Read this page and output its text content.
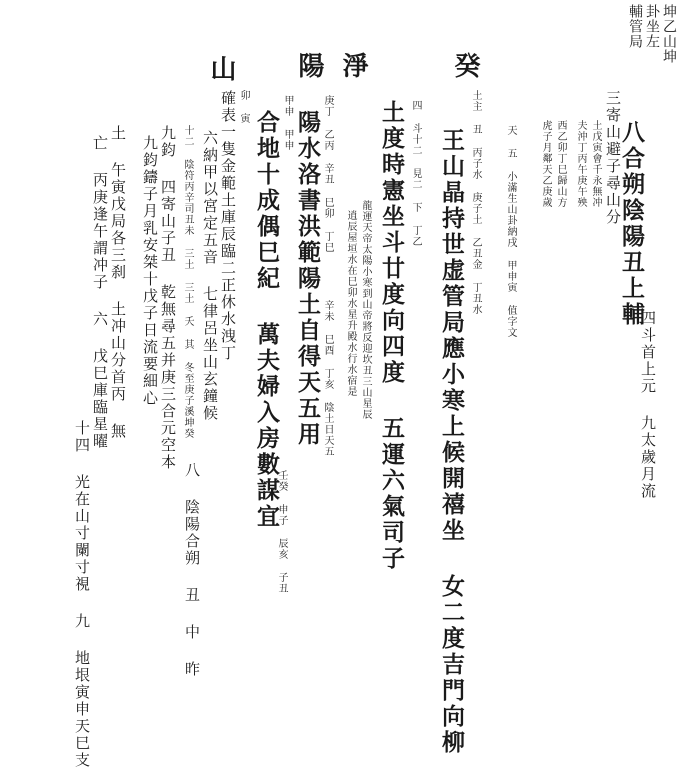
坤乙山坤
卦坐左
輔管局
八合朔陰陽丑上輔
三寄山避子尋山分
土戊寅會千永無冲
夫沖丁丙午庚午殃
西乙卯丁巳歸山方
虎子月鄰天乙庚歲
四斗首上元 九太歲月流
癸
王山晶持世虚管局應小寒上候開禧坐 女二度吉門向柳 土主 丑 丙子水 庚子土 乙丑金 丁丑水 天 五 小滿生山卦納戌 甲申寅 值字文
淨
土度時憲坐斗廿度向四度 五運六氣司子 四 斗十二 見二 下 丁乙
龍運天帝太陽小寒到山帝將反迎坎丑三山星辰
逍辰屋垣水在巳卯水星升殿水行水宿是
陽
陽水洛書洪範陽土自得天五用 庚丁 乙丙 辛丑 巳卯 丁巳
辛未 巳酉 丁亥 陰土日天五
合地十成偶巳紀 萬夫婦入房數謀宜 甲申 甲申
壬癸 申子 辰亥 子丑
山
確表一隻金範土庫辰臨二正休水洩丁
六納甲以宮定五音 七律呂坐山玄鐘候
八 陰陽合朔 丑 中 昨
卯 寅
九鈞 四寄山子丑 乾無尋五并庚三合元空本
九鈞鑄子月乳安桀十戊子日流要細心 十二 陰符丙辛司丑未 三土 三土 夭 其 冬至庚子溪坤癸
土 午寅戊局各三刹 土冲山分首丙 無
亡 丙庚逢午謂冲子 六 戊巳庫臨星曜
十四 光在山寸闌寸視 九 地垠寅申天巳支
